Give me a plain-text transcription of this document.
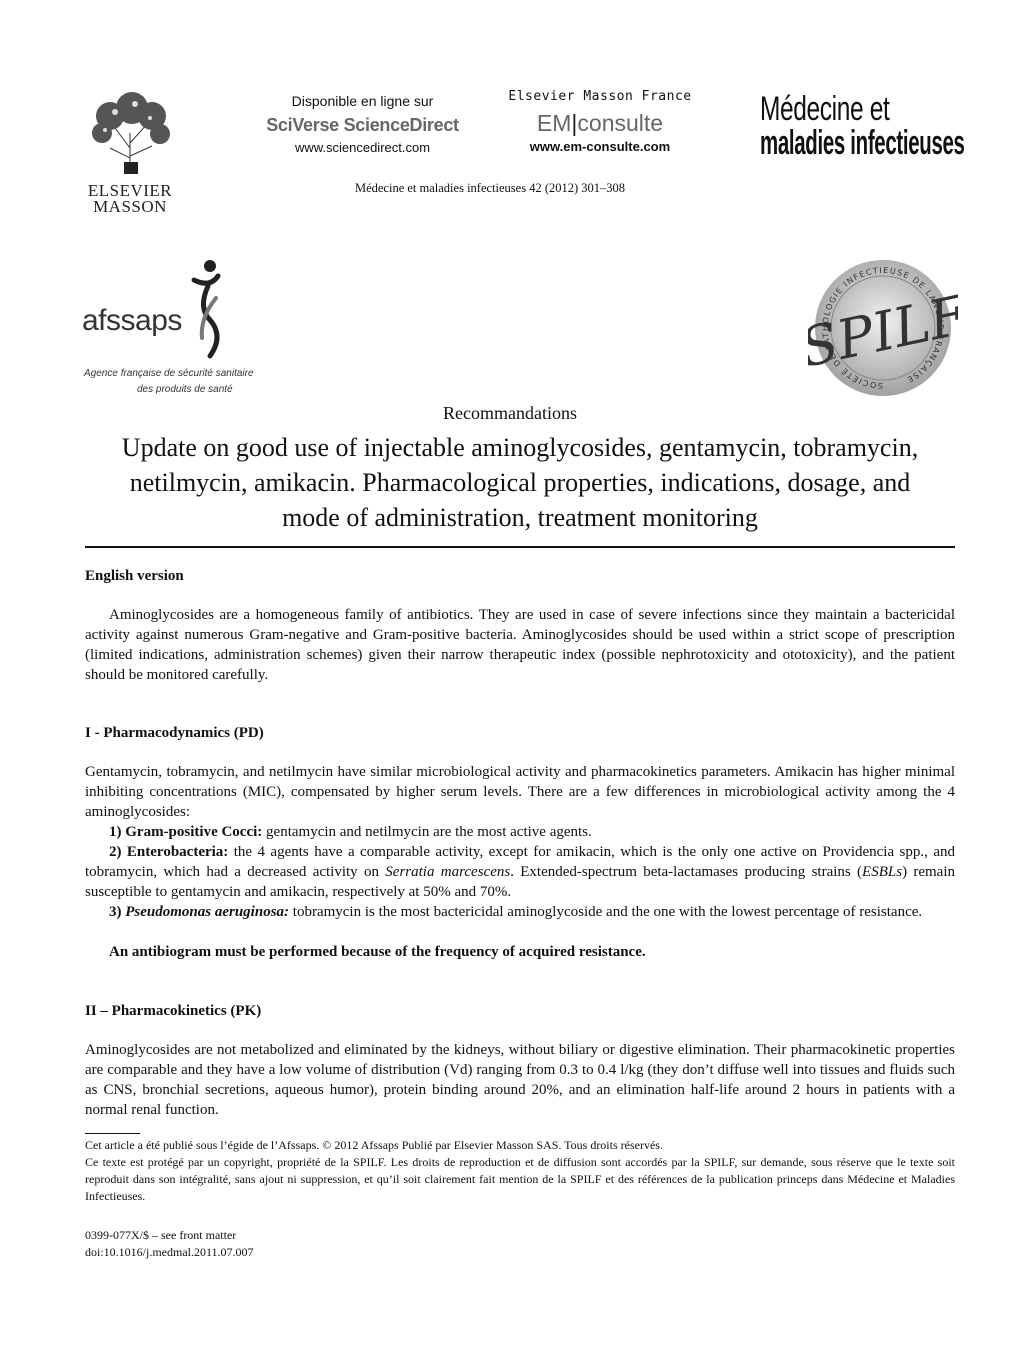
ELSEVIER
MASSON
Disponible en ligne sur
SciVerse ScienceDirect
www.sciencedirect.com
Elsevier Masson France
EM|consulte
www.em-consulte.com
Médecine et
maladies infectieuses
Médecine et maladies infectieuses 42 (2012) 301–308
afssaps
Agence française de sécurité sanitaire
des produits de santé	SOCIÉTÉ DE PATHOLOGIE INFECTIEUSE DE LANGUE FRANÇAISE
SPILF
Recommandations
Update on good use of injectable aminoglycosides, gentamycin, tobramycin,
netilmycin, amikacin. Pharmacological properties, indications, dosage, and
mode of administration, treatment monitoring
English version
Aminoglycosides are a homogeneous family of antibiotics. They are used in case of severe infections since they maintain a bactericidal activity against numerous Gram-negative and Gram-positive bacteria. Aminoglycosides should be used within a strict scope of prescription (limited indications, administration schemes) given their narrow therapeutic index (possible nephrotoxicity and ototoxicity), and the patient should be monitored carefully.
I - Pharmacodynamics (PD)
Gentamycin, tobramycin, and netilmycin have similar microbiological activity and pharmacokinetics parameters. Amikacin has higher minimal inhibiting concentrations (MIC), compensated by higher serum levels. There are a few differences in microbiological activity among the 4 aminoglycosides:
1) Gram-positive Cocci: gentamycin and netilmycin are the most active agents.
2) Enterobacteria: the 4 agents have a comparable activity, except for amikacin, which is the only one active on Providencia spp., and tobramycin, which had a decreased activity on Serratia marcescens. Extended-spectrum beta-lactamases producing strains (ESBLs) remain susceptible to gentamycin and amikacin, respectively at 50% and 70%.
3) Pseudomonas aeruginosa: tobramycin is the most bactericidal aminoglycoside and the one with the lowest percentage of resistance.
An antibiogram must be performed because of the frequency of acquired resistance.
II – Pharmacokinetics (PK)
Aminoglycosides are not metabolized and eliminated by the kidneys, without biliary or digestive elimination. Their pharmacokinetic properties are comparable and they have a low volume of distribution (Vd) ranging from 0.3 to 0.4 l/kg (they don’t diffuse well into tissues and fluids such as CNS, bronchial secretions, aqueous humor), protein binding around 20%, and an elimination half-life around 2 hours in patients with a normal renal function.
Cet article a été publié sous l’égide de l’Afssaps. © 2012 Afssaps Publié par Elsevier Masson SAS. Tous droits réservés.
Ce texte est protégé par un copyright, propriété de la SPILF. Les droits de reproduction et de diffusion sont accordés par la SPILF, sur demande, sous réserve que le texte soit reproduit dans son intégralité, sans ajout ni suppression, et qu’il soit clairement fait mention de la SPILF et des références de la publication princeps dans Médecine et Maladies Infectieuses.
0399-077X/$ – see front matter
doi:10.1016/j.medmal.2011.07.007
